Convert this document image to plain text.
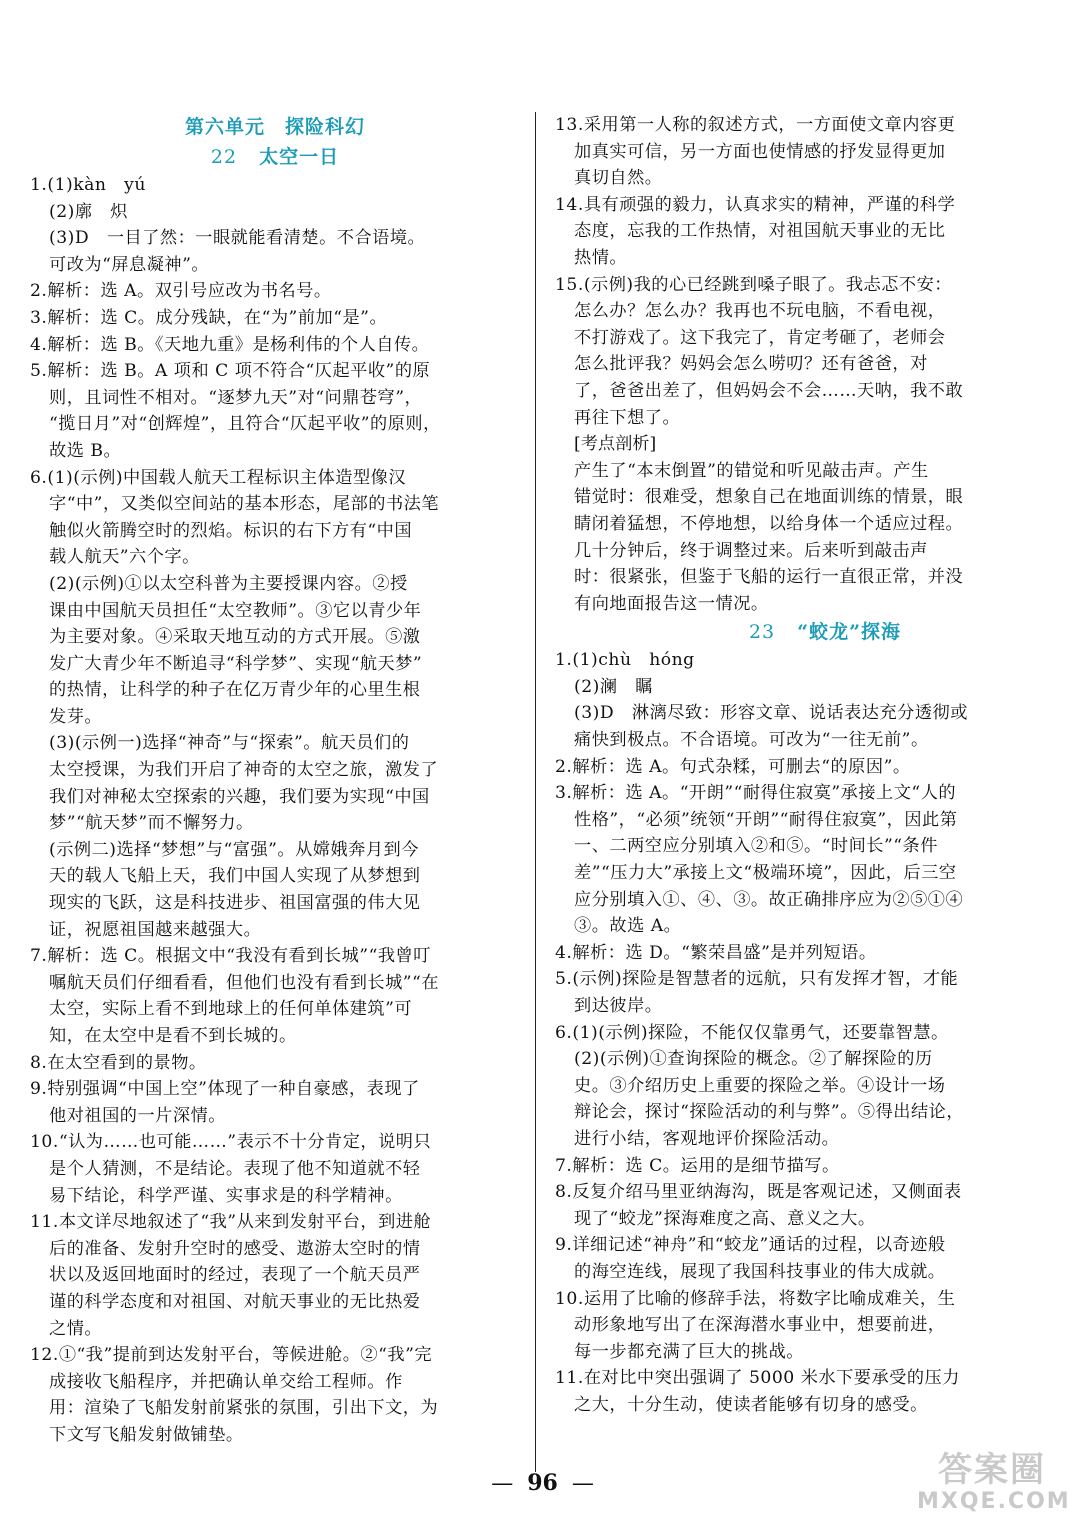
第六单元　探险科幻
22 太空一日
1.(1)kàn　yú
(2)廓　炽
(3)D　一目了然：一眼就能看清楚。不合语境。
可改为“屏息凝神”。
2.解析：选 A。双引号应改为书名号。
3.解析：选 C。成分残缺，在“为”前加“是”。
4.解析：选 B。《天地九重》是杨利伟的个人自传。
5.解析：选 B。A 项和 C 项不符合“仄起平收”的原
则，且词性不相对。“逐梦九天”对“问鼎苍穹”，
“揽日月”对“创辉煌”，且符合“仄起平收”的原则，
故选 B。
6.(1)(示例)中国载人航天工程标识主体造型像汉
字“中”，又类似空间站的基本形态，尾部的书法笔
触似火箭腾空时的烈焰。标识的右下方有“中国
载人航天”六个字。
(2)(示例)①以太空科普为主要授课内容。②授
课由中国航天员担任“太空教师”。③它以青少年
为主要对象。④采取天地互动的方式开展。⑤激
发广大青少年不断追寻“科学梦”、实现“航天梦”
的热情，让科学的种子在亿万青少年的心里生根
发芽。
(3)(示例一)选择“神奇”与“探索”。航天员们的
太空授课，为我们开启了神奇的太空之旅，激发了
我们对神秘太空探索的兴趣，我们要为实现“中国
梦”“航天梦”而不懈努力。
(示例二)选择“梦想”与“富强”。从嫦娥奔月到今
天的载人飞船上天，我们中国人实现了从梦想到
现实的飞跃，这是科技进步、祖国富强的伟大见
证，祝愿祖国越来越强大。
7.解析：选 C。根据文中“我没有看到长城”“我曾叮
嘱航天员们仔细看看，但他们也没有看到长城”“在
太空，实际上看不到地球上的任何单体建筑”可
知，在太空中是看不到长城的。
8.在太空看到的景物。
9.特别强调“中国上空”体现了一种自豪感，表现了
他对祖国的一片深情。
10.“认为……也可能……”表示不十分肯定，说明只
是个人猜测，不是结论。表现了他不知道就不轻
易下结论，科学严谨、实事求是的科学精神。
11.本文详尽地叙述了“我”从来到发射平台，到进舱
后的准备、发射升空时的感受、遨游太空时的情
状以及返回地面时的经过，表现了一个航天员严
谨的科学态度和对祖国、对航天事业的无比热爱
之情。
12.①“我”提前到达发射平台，等候进舱。②“我”完
成接收飞船程序，并把确认单交给工程师。作
用：渲染了飞船发射前紧张的氛围，引出下文，为
下文写飞船发射做铺垫。
13.采用第一人称的叙述方式，一方面使文章内容更
加真实可信，另一方面也使情感的抒发显得更加
真切自然。
14.具有顽强的毅力，认真求实的精神，严谨的科学
态度，忘我的工作热情，对祖国航天事业的无比
热情。
15.(示例)我的心已经跳到嗓子眼了。我忐忑不安：
怎么办？怎么办？我再也不玩电脑，不看电视，
不打游戏了。这下我完了，肯定考砸了，老师会
怎么批评我？妈妈会怎么唠叨？还有爸爸，对
了，爸爸出差了，但妈妈会不会……天呐，我不敢
再往下想了。
[考点剖析]
产生了“本末倒置”的错觉和听见敲击声。产生
错觉时：很难受，想象自己在地面训练的情景，眼
睛闭着猛想，不停地想，以给身体一个适应过程。
几十分钟后，终于调整过来。后来听到敲击声
时：很紧张，但鉴于飞船的运行一直很正常，并没
有向地面报告这一情况。
23 “蛟龙”探海
1.(1)chù　hóng
(2)澜　瞩
(3)D　淋漓尽致：形容文章、说话表达充分透彻或
痛快到极点。不合语境。可改为“一往无前”。
2.解析：选 A。句式杂糅，可删去“的原因”。
3.解析：选 A。“开朗”“耐得住寂寞”承接上文“人的
性格”，“必须”统领“开朗”“耐得住寂寞”，因此第
一、二两空应分别填入②和⑤。“时间长”“条件
差”“压力大”承接上文“极端环境”，因此，后三空
应分别填入①、④、③。故正确排序应为②⑤①④
③。故选 A。
4.解析：选 D。“繁荣昌盛”是并列短语。
5.(示例)探险是智慧者的远航，只有发挥才智，才能
到达彼岸。
6.(1)(示例)探险，不能仅仅靠勇气，还要靠智慧。
(2)(示例)①查询探险的概念。②了解探险的历
史。③介绍历史上重要的探险之举。④设计一场
辩论会，探讨“探险活动的利与弊”。⑤得出结论，
进行小结，客观地评价探险活动。
7.解析：选 C。运用的是细节描写。
8.反复介绍马里亚纳海沟，既是客观记述，又侧面表
现了“蛟龙”探海难度之高、意义之大。
9.详细记述“神舟”和“蛟龙”通话的过程，以奇迹般
的海空连线，展现了我国科技事业的伟大成就。
10.运用了比喻的修辞手法，将数字比喻成难关，生
动形象地写出了在深海潜水事业中，想要前进，
每一步都充满了巨大的挑战。
11.在对比中突出强调了 5000 米水下要承受的压力
之大，十分生动，使读者能够有切身的感受。
— 96 —	答案圈
MXQE.COM
